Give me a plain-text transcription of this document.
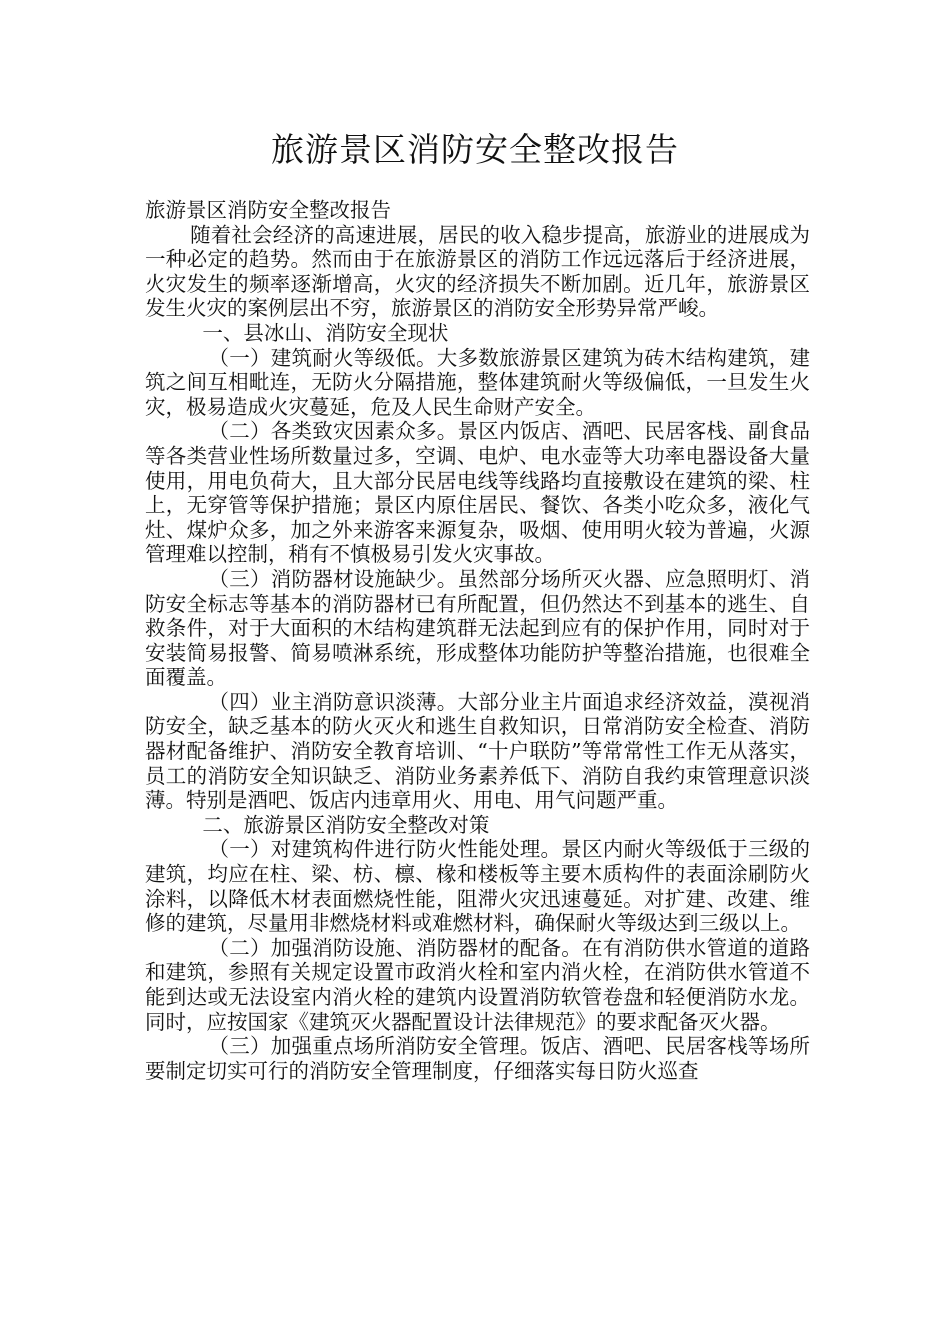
旅游景区消防安全整改报告

旅游景区消防安全整改报告

随着社会经济的高速进展，居民的收入稳步提高，旅游业的进展成为一种必定的趋势。然而由于在旅游景区的消防工作远远落后于经济进展，火灾发生的频率逐渐增高，火灾的经济损失不断加剧。近几年，旅游景区发生火灾的案例层出不穷，旅游景区的消防安全形势异常严峻。

一、县冰山、消防安全现状

（一）建筑耐火等级低。大多数旅游景区建筑为砖木结构建筑，建筑之间互相毗连，无防火分隔措施，整体建筑耐火等级偏低，一旦发生火灾，极易造成火灾蔓延，危及人民生命财产安全。

（二）各类致灾因素众多。景区内饭店、酒吧、民居客栈、副食品等各类营业性场所数量过多，空调、电炉、电水壶等大功率电器设备大量使用，用电负荷大，且大部分民居电线等线路均直接敷设在建筑的梁、柱上，无穿管等保护措施；景区内原住居民、餐饮、各类小吃众多，液化气灶、煤炉众多，加之外来游客来源复杂，吸烟、使用明火较为普遍，火源管理难以控制，稍有不慎极易引发火灾事故。

（三）消防器材设施缺少。虽然部分场所灭火器、应急照明灯、消防安全标志等基本的消防器材已有所配置，但仍然达不到基本的逃生、自救条件，对于大面积的木结构建筑群无法起到应有的保护作用，同时对于安装简易报警、简易喷淋系统，形成整体功能防护等整治措施，也很难全面覆盖。

（四）业主消防意识淡薄。大部分业主片面追求经济效益，漠视消防安全，缺乏基本的防火灭火和逃生自救知识，日常消防安全检查、消防器材配备维护、消防安全教育培训、“十户联防”等常常性工作无从落实，员工的消防安全知识缺乏、消防业务素养低下、消防自我约束管理意识淡薄。特别是酒吧、饭店内违章用火、用电、用气问题严重。

二、旅游景区消防安全整改对策

（一）对建筑构件进行防火性能处理。景区内耐火等级低于三级的建筑，均应在柱、梁、枋、檩、椽和楼板等主要木质构件的表面涂刷防火涂料，以降低木材表面燃烧性能，阻滞火灾迅速蔓延。对扩建、改建、维修的建筑，尽量用非燃烧材料或难燃材料，确保耐火等级达到三级以上。

（二）加强消防设施、消防器材的配备。在有消防供水管道的道路和建筑，参照有关规定设置市政消火栓和室内消火栓，在消防供水管道不能到达或无法设室内消火栓的建筑内设置消防软管卷盘和轻便消防水龙。同时，应按国家《建筑灭火器配置设计法律规范》的要求配备灭火器。

（三）加强重点场所消防安全管理。饭店、酒吧、民居客栈等场所要制定切实可行的消防安全管理制度，仔细落实每日防火巡查
